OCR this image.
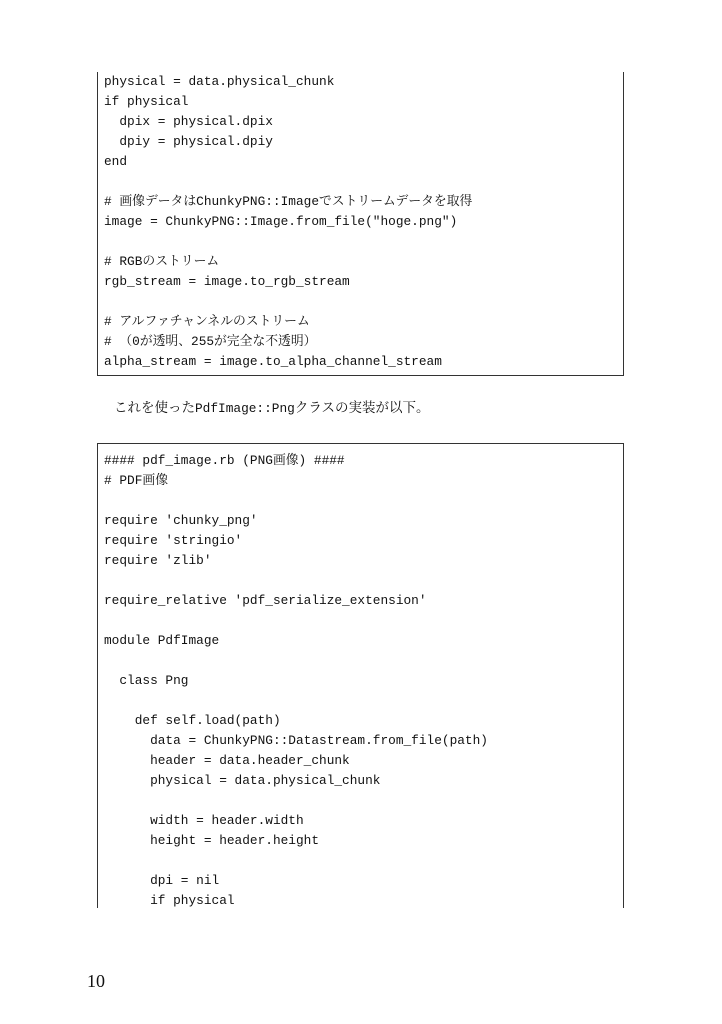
physical = data.physical_chunk
if physical
dpix = physical.dpix
dpiy = physical.dpiy
end
# 画像データはChunkyPNG::Imageでストリームデータを取得
image = ChunkyPNG::Image.from_file("hoge.png")
# RGBのストリーム
rgb_stream = image.to_rgb_stream
# アルファチャンネルのストリーム
# （0が透明、255が完全な不透明）
alpha_stream = image.to_alpha_channel_stream
これを使ったPdfImage::Pngクラスの実装が以下。
#### pdf_image.rb (PNG画像) ####
# PDF画像
require 'chunky_png'
require 'stringio'
require 'zlib'
require_relative 'pdf_serialize_extension'
module PdfImage
class Png
def self.load(path)
data = ChunkyPNG::Datastream.from_file(path)
header = data.header_chunk
physical = data.physical_chunk
width = header.width
height = header.height
dpi = nil
if physical
10
